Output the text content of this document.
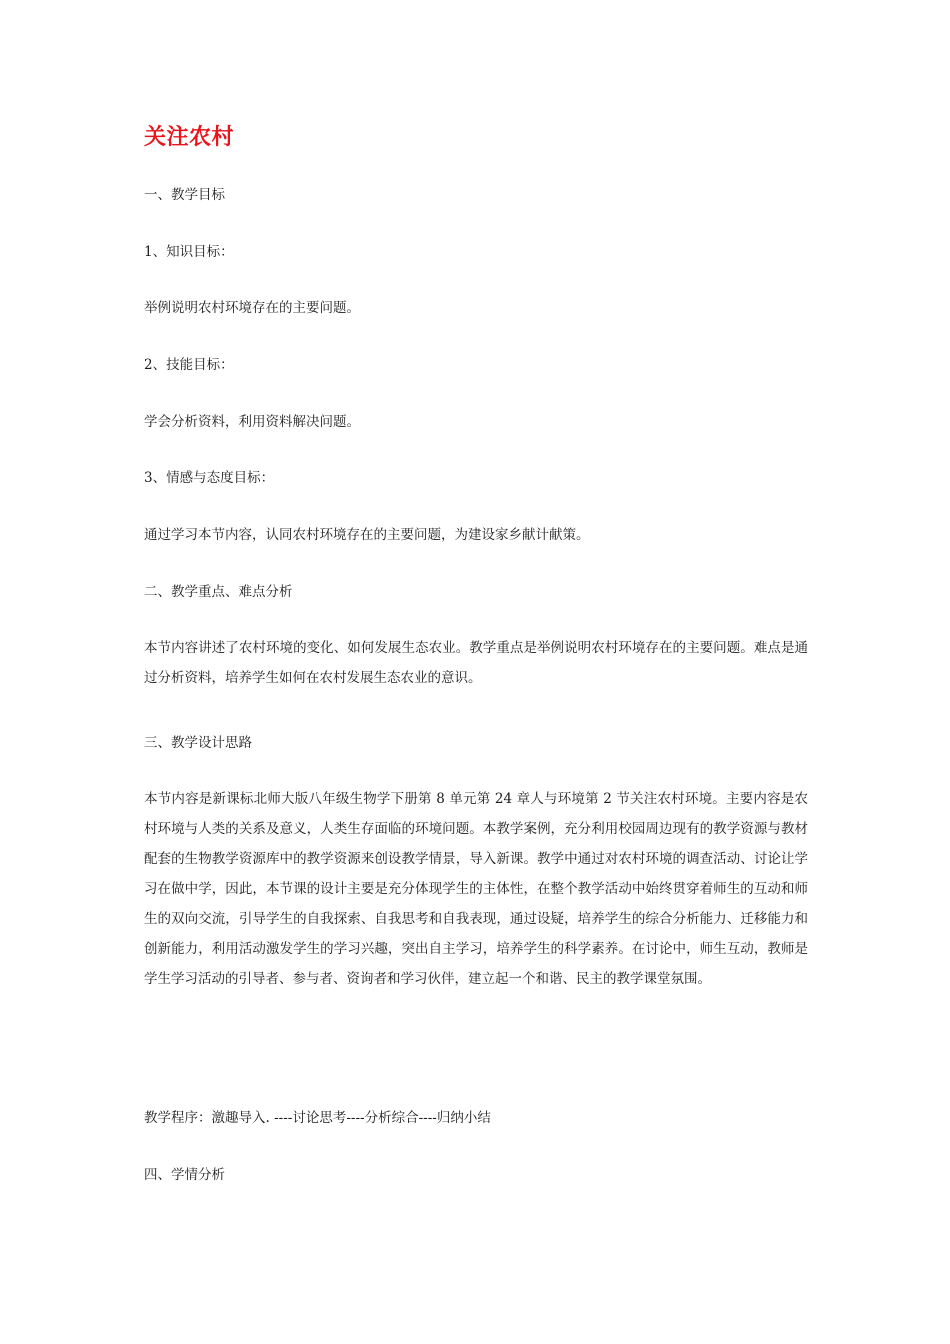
关注农村

一、教学目标

1、知识目标：

举例说明农村环境存在的主要问题。

2、技能目标：

学会分析资料，利用资料解决问题。

3、情感与态度目标：

通过学习本节内容，认同农村环境存在的主要问题，为建设家乡献计献策。

二、教学重点、难点分析

本节内容讲述了农村环境的变化、如何发展生态农业。教学重点是举例说明农村环境存在的主要问题。难点是通过分析资料，培养学生如何在农村发展生态农业的意识。

三、教学设计思路

本节内容是新课标北师大版八年级生物学下册第 8 单元第 24 章人与环境第 2 节关注农村环境。主要内容是农村环境与人类的关系及意义，人类生存面临的环境问题。本教学案例，充分利用校园周边现有的教学资源与教材配套的生物教学资源库中的教学资源来创设教学情景，导入新课。教学中通过对农村环境的调查活动、讨论让学习在做中学，因此，本节课的设计主要是充分体现学生的主体性，在整个教学活动中始终贯穿着师生的互动和师生的双向交流，引导学生的自我探索、自我思考和自我表现，通过设疑，培养学生的综合分析能力、迁移能力和创新能力，利用活动激发学生的学习兴趣，突出自主学习，培养学生的科学素养。在讨论中，师生互动，教师是学生学习活动的引导者、参与者、资询者和学习伙伴，建立起一个和谐、民主的教学课堂氛围。

教学程序：激趣导入. ----讨论思考----分析综合----归纳小结

四、学情分析
